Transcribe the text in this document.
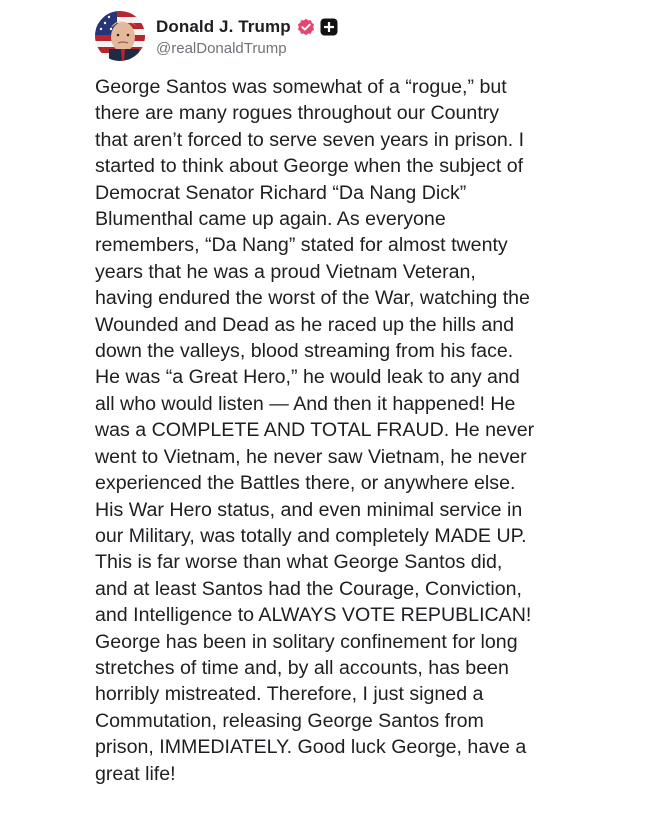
Donald J. Trump
@realDonaldTrump

George Santos was somewhat of a “rogue,” but
there are many rogues throughout our Country
that aren’t forced to serve seven years in prison. I
started to think about George when the subject of
Democrat Senator Richard “Da Nang Dick”
Blumenthal came up again. As everyone
remembers, “Da Nang” stated for almost twenty
years that he was a proud Vietnam Veteran,
having endured the worst of the War, watching the
Wounded and Dead as he raced up the hills and
down the valleys, blood streaming from his face.
He was “a Great Hero,” he would leak to any and
all who would listen — And then it happened! He
was a COMPLETE AND TOTAL FRAUD. He never
went to Vietnam, he never saw Vietnam, he never
experienced the Battles there, or anywhere else.
His War Hero status, and even minimal service in
our Military, was totally and completely MADE UP.
This is far worse than what George Santos did,
and at least Santos had the Courage, Conviction,
and Intelligence to ALWAYS VOTE REPUBLICAN!
George has been in solitary confinement for long
stretches of time and, by all accounts, has been
horribly mistreated. Therefore, I just signed a
Commutation, releasing George Santos from
prison, IMMEDIATELY. Good luck George, have a
great life!
